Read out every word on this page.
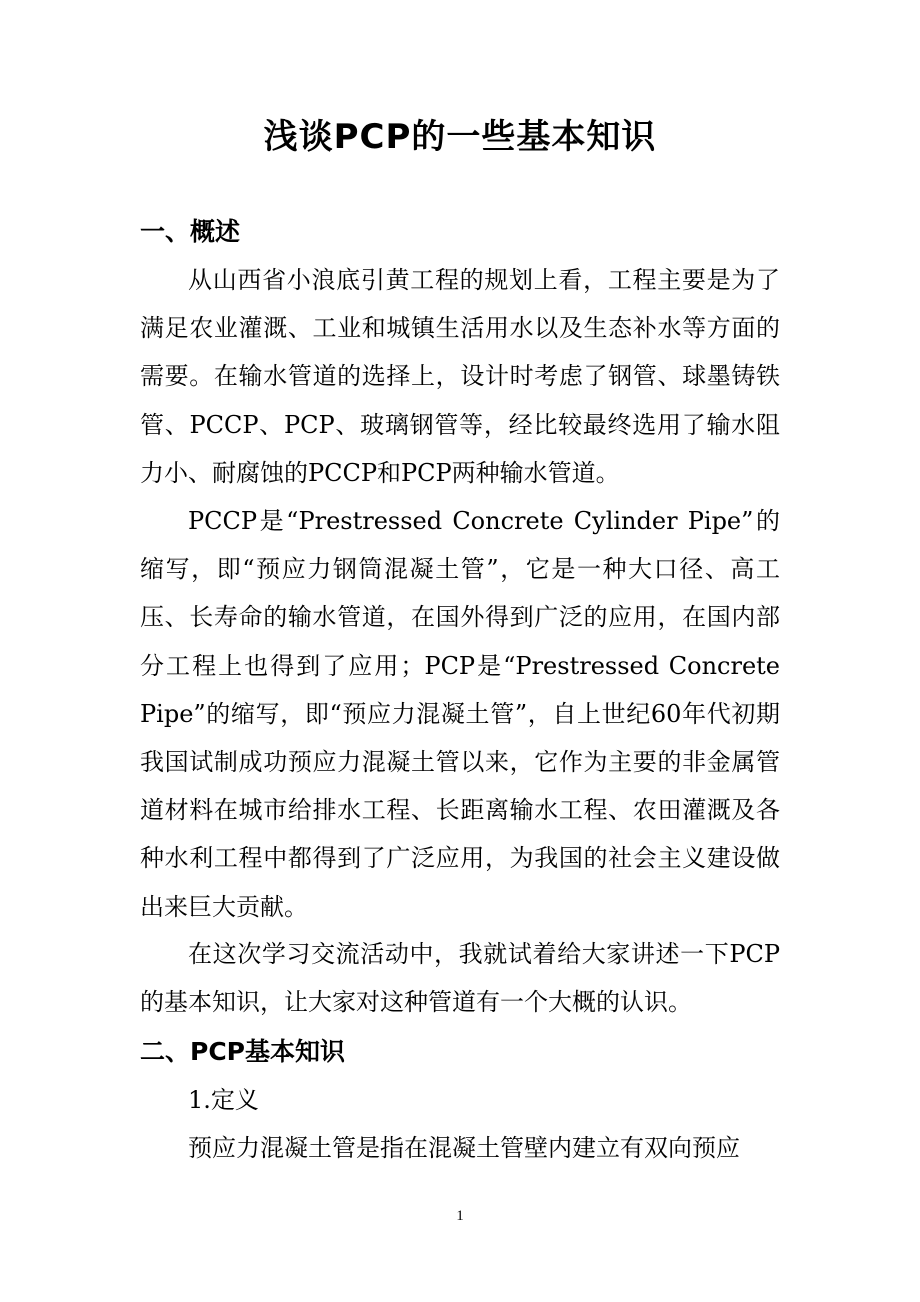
浅谈PCP的一些基本知识
一、概述

从山西省小浪底引黄工程的规划上看，工程主要是为了满足农业灌溉、工业和城镇生活用水以及生态补水等方面的需要。在输水管道的选择上，设计时考虑了钢管、球墨铸铁管、PCCP、PCP、玻璃钢管等，经比较最终选用了输水阻力小、耐腐蚀的PCCP和PCP两种输水管道。

PCCP是“Prestressed Concrete Cylinder Pipe”的缩写，即“预应力钢筒混凝土管”，它是一种大口径、高工压、长寿命的输水管道，在国外得到广泛的应用，在国内部分工程上也得到了应用；PCP是“Prestressed Concrete Pipe”的缩写，即“预应力混凝土管”，自上世纪60年代初期我国试制成功预应力混凝土管以来，它作为主要的非金属管道材料在城市给排水工程、长距离输水工程、农田灌溉及各种水利工程中都得到了广泛应用，为我国的社会主义建设做出来巨大贡献。

在这次学习交流活动中，我就试着给大家讲述一下PCP的基本知识，让大家对这种管道有一个大概的认识。

二、PCP基本知识
1.定义

预应力混凝土管是指在混凝土管壁内建立有双向预应

1
